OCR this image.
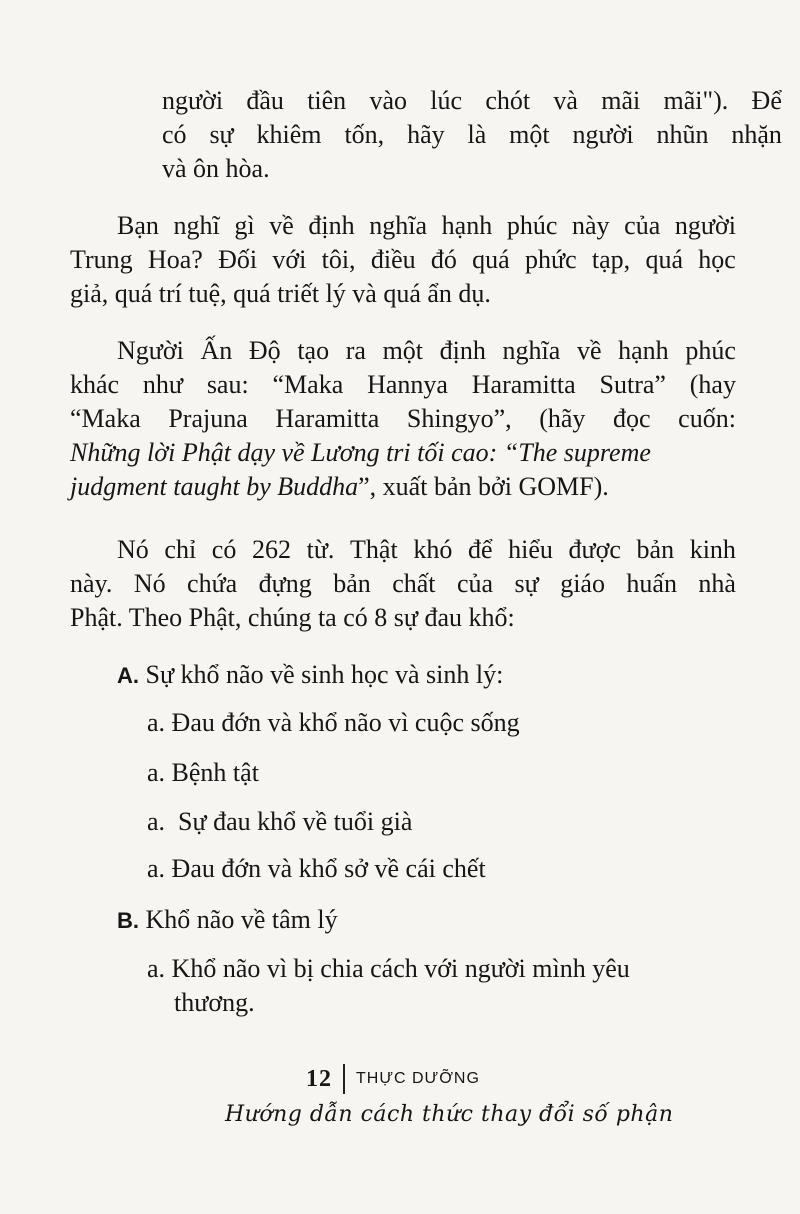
người đầu tiên vào lúc chót và mãi mãi"). Để
có sự khiêm tốn, hãy là một người nhũn nhặn
và ôn hòa.
Bạn nghĩ gì về định nghĩa hạnh phúc này của người
Trung Hoa? Đối với tôi, điều đó quá phức tạp, quá học
giả, quá trí tuệ, quá triết lý và quá ẩn dụ.
Người Ấn Độ tạo ra một định nghĩa về hạnh phúc
khác như sau: “Maka Hannya Haramitta Sutra” (hay
“Maka Prajuna Haramitta Shingyo”, (hãy đọc cuốn:
Những lời Phật dạy về Lương tri tối cao: “The supreme
judgment taught by Buddha”, xuất bản bởi GOMF).
Nó chỉ có 262 từ. Thật khó để hiểu được bản kinh
này. Nó chứa đựng bản chất của sự giáo huấn nhà
Phật. Theo Phật, chúng ta có 8 sự đau khổ:
A. Sự khổ não về sinh học và sinh lý:
a. Đau đớn và khổ não vì cuộc sống
a. Bệnh tật
a.  Sự đau khổ về tuổi già
a. Đau đớn và khổ sở về cái chết
B. Khổ não về tâm lý
a. Khổ não vì bị chia cách với người mình yêu
thương.
12 THỰC DƯỠNG
Hướng dẫn cách thức thay đổi số phận
